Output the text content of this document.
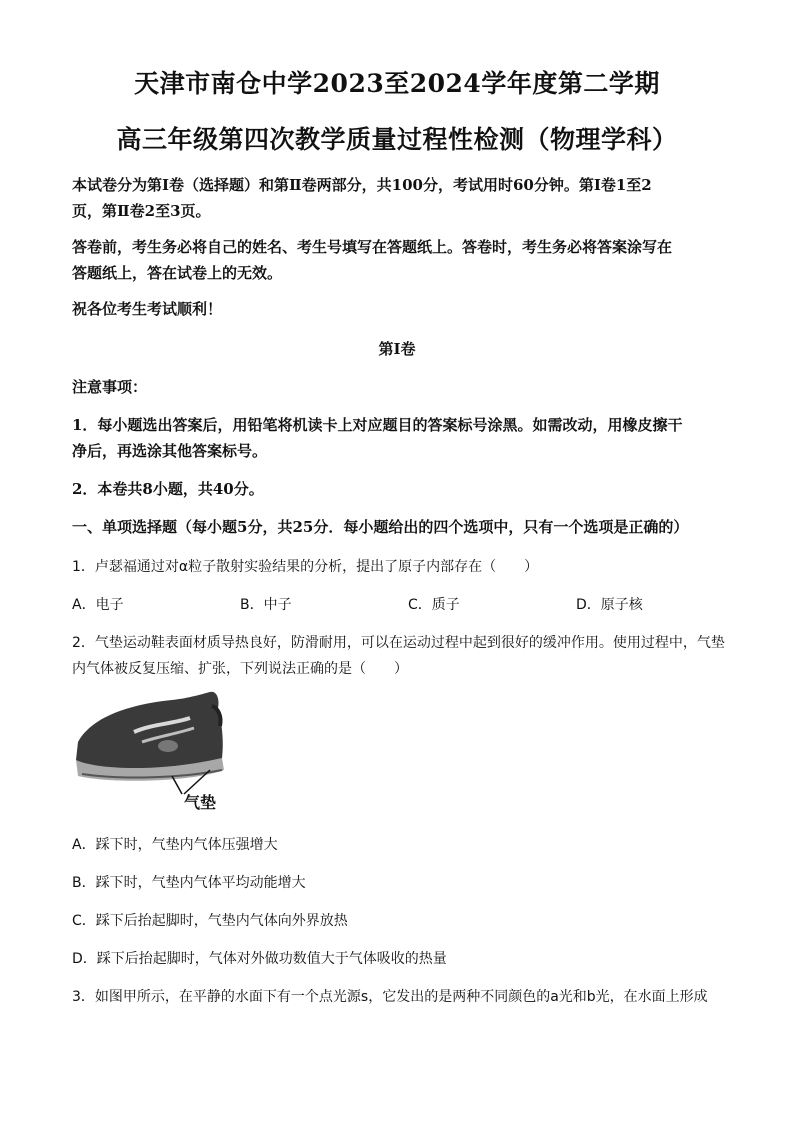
天津市南仓中学2023至2024学年度第二学期
高三年级第四次教学质量过程性检测（物理学科）
本试卷分为第Ⅰ卷（选择题）和第Ⅱ卷两部分，共100分，考试用时60分钟。第Ⅰ卷1至2
页，第Ⅱ卷2至3页。
答卷前，考生务必将自己的姓名、考生号填写在答题纸上。答卷时，考生务必将答案涂写在
答题纸上，答在试卷上的无效。
祝各位考生考试顺利！
第Ⅰ卷
注意事项：
1．每小题选出答案后，用铅笔将机读卡上对应题目的答案标号涂黑。如需改动，用橡皮擦干
净后，再选涂其他答案标号。
2．本卷共8小题，共40分。
一、单项选择题（每小题5分，共25分．每小题给出的四个选项中，只有一个选项是正确的）
1．卢瑟福通过对α粒子散射实验结果的分析，提出了原子内部存在（　　）
A．电子	B．中子	C．质子	D．原子核
2．气垫运动鞋表面材质导热良好，防滑耐用，可以在运动过程中起到很好的缓冲作用。使用过程中，气垫
内气体被反复压缩、扩张，下列说法正确的是（　　）
气垫
A．踩下时，气垫内气体压强增大
B．踩下时，气垫内气体平均动能增大
C．踩下后抬起脚时，气垫内气体向外界放热
D．踩下后抬起脚时，气体对外做功数值大于气体吸收的热量
3．如图甲所示，在平静的水面下有一个点光源s，它发出的是两种不同颜色的a光和b光，在水面上形成
